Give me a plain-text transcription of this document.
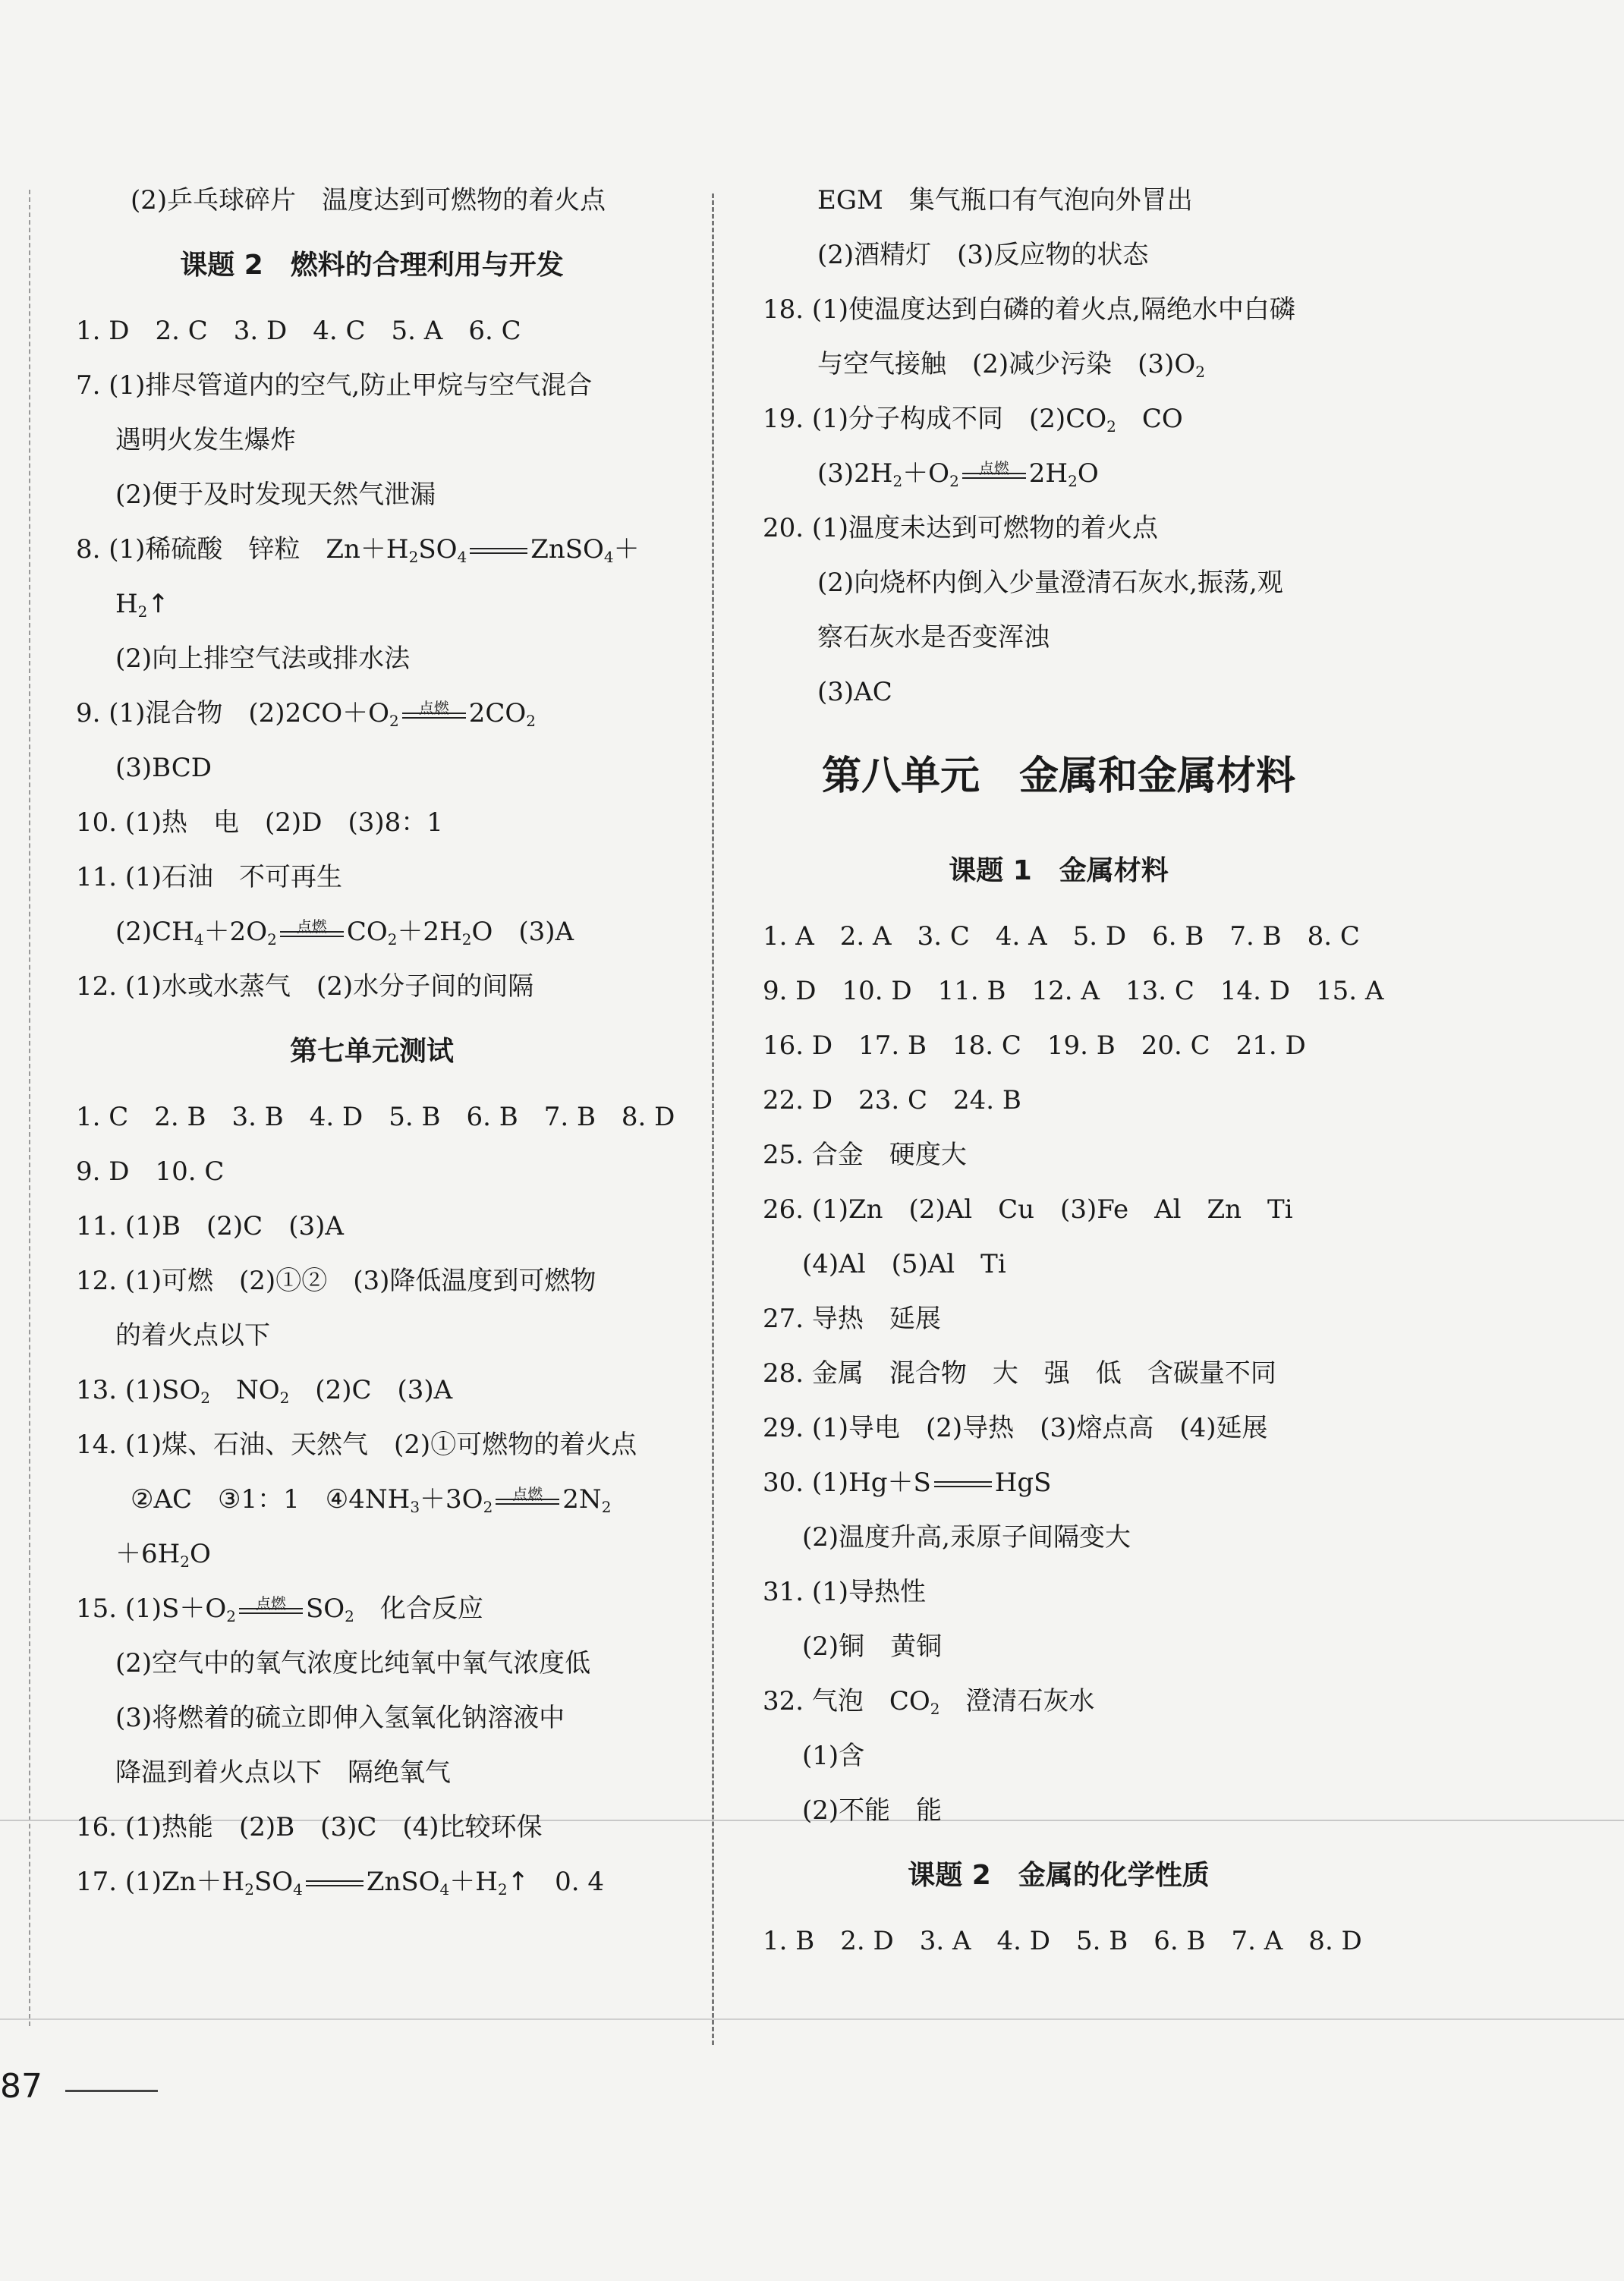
(2)乒乓球碎片　温度达到可燃物的着火点
课题 2　燃料的合理利用与开发
1. D　2. C　3. D　4. C　5. A　6. C
7. (1)排尽管道内的空气,防止甲烷与空气混合
遇明火发生爆炸
(2)便于及时发现天然气泄漏
8. (1)稀硫酸　锌粒　$Zn+H_2SO_4$ ZnSO$_4$＋
$H_2↑$
(2)向上排空气法或排水法
9. (1)混合物　$(2)2CO+O_2$
点燃 $2CO_2$
(3)BCD
10. (1)热　电　(2)D　(3)8：1
11. (1)石油　不可再生
$(2)CH_4+2O_2$
点燃 $CO_2+2H_2O$　(3)A
12. (1)水或水蒸气　(2)水分子间的间隔
第七单元测试
1. C　2. B　3. B　4. D　5. B　6. B　7. B　8. D
9. D　10. C
11. (1)B　(2)C　(3)A
12. (1)可燃　(2)①②　(3)降低温度到可燃物
的着火点以下
13. $(1)SO_2$　$NO_2$　(2)C　(3)A
14. (1)煤、石油、天然气　(2)①可燃物的着火点
②AC　③1：1　$④4NH_3+3O_2$
点燃 $2N_2$
$+6H_2O$
15. $(1)S+O_2$
点燃 $SO_2$　化合反应
(2)空气中的氧气浓度比纯氧中氧气浓度低
(3)将燃着的硫立即伸入氢氧化钠溶液中
降温到着火点以下　隔绝氧气
16. (1)热能　(2)B　(3)C　(4)比较环保
17. $(1)Zn+H_2SO_4$ $ZnSO_4+H_2↑$　0. 4
EGM　集气瓶口有气泡向外冒出
(2)酒精灯　(3)反应物的状态
18. (1)使温度达到白磷的着火点,隔绝水中白磷
与空气接触　(2)减少污染　$(3)O_2$
19. (1)分子构成不同　$(2)CO_2$　CO
$(3)2H_2+O_2$
点燃 $2H_2O$
20. (1)温度未达到可燃物的着火点
(2)向烧杯内倒入少量澄清石灰水,振荡,观
察石灰水是否变浑浊
(3)AC
第八单元　金属和金属材料
课题 1　金属材料
1. A　2. A　3. C　4. A　5. D　6. B　7. B　8. C
9. D　10. D　11. B　12. A　13. C　14. D　15. A
16. D　17. B　18. C　19. B　20. C　21. D
22. D　23. C　24. B
25. 合金　硬度大
26. (1)Zn　(2)Al　Cu　(3)Fe　Al　Zn　Ti
(4)Al　(5)Al　Ti
27. 导热　延展
28. 金属　混合物　大　强　低　含碳量不同
29. (1)导电　(2)导热　(3)熔点高　(4)延展
30. (1)Hg＋S HgS
(2)温度升高,汞原子间隔变大
31. (1)导热性
(2)铜　黄铜
32. 气泡　$CO_2$　澄清石灰水
(1)含
(2)不能　能
课题 2　金属的化学性质
1. B　2. D　3. A　4. D　5. B　6. B　7. A　8. D
87
